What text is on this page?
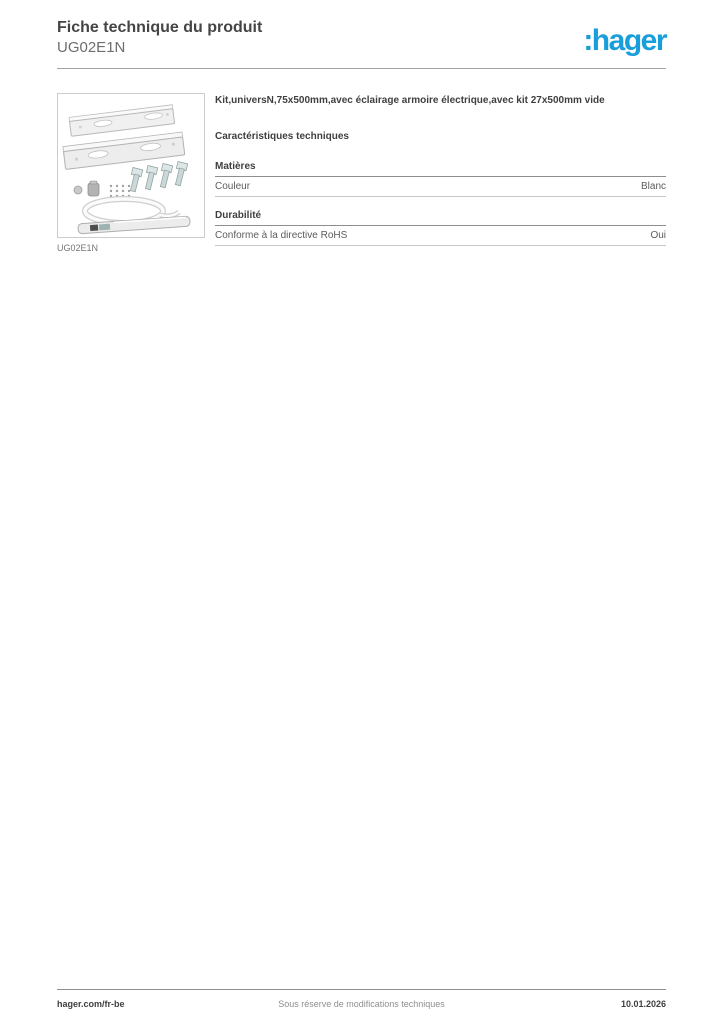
Fiche technique du produit
UG02E1N	:hager
UG02E1N
Kit,universN,75x500mm,avec éclairage armoire électrique,avec kit 27x500mm vide
Caractéristiques techniques
Matières
Couleur	Blanc
Durabilité
Conforme à la directive RoHS	Oui
hager.com/fr-be	Sous réserve de modifications techniques	10.01.2026
